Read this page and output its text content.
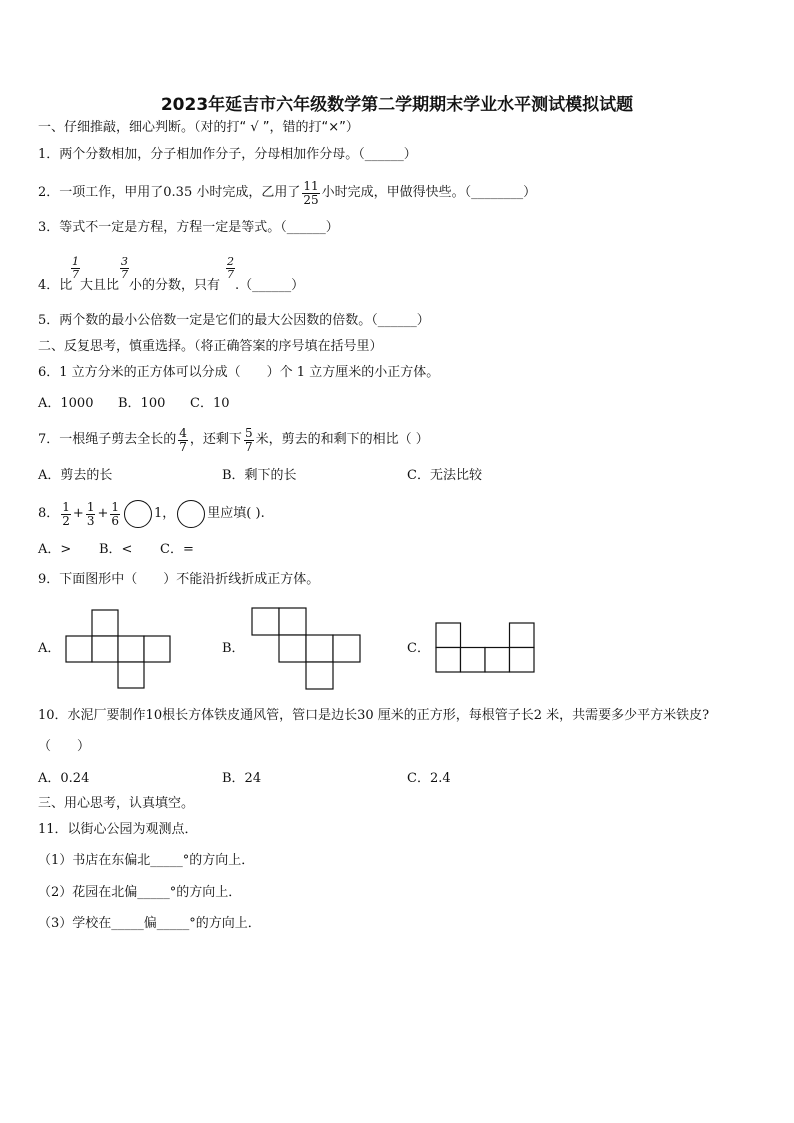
2023年延吉市六年级数学第二学期期末学业水平测试模拟试题
一、仔细推敲，细心判断。（对的打“ √ ”，错的打“×”）
1．两个分数相加，分子相加作分子，分母相加作分母。（______）
2．一项工作，甲用了0.35 小时完成，乙用了 $\frac{11}{25}$ 小时完成，甲做得快些。（________）
3．等式不一定是方程，方程一定是等式。（______）
$\frac{1}{7}$	$\frac{3}{7}$	$\frac{2}{7}$
4．比 大且比 小的分数，只有 .（______）
5．两个数的最小公倍数一定是它们的最大公因数的倍数。（______）
二、反复思考，慎重选择。（将正确答案的序号填在括号里）
6．1 立方分米的正方体可以分成（　　）个 1 立方厘米的小正方体。
A．1000 B．100 C．10
7．一根绳子剪去全长的 $\frac{4}{7}$ ，还剩下 $\frac{5}{7}$ 米，剪去的和剩下的相比（ ）
A．剪去的长	B．剩下的长	C．无法比较
8． $\frac{1}{2} + \frac{1}{3} + \frac{1}{6}$	1， 里应填( ).
A．> B．< C．=
9．下面图形中（　　）不能沿折线折成正方体。
A．	B．	C．
10．水泥厂要制作10根长方体铁皮通风管，管口是边长30 厘米的正方形，每根管子长2 米，共需要多少平方米铁皮?
（　　）
A．0.24	B．24	C．2.4
三、用心思考，认真填空。
11．以街心公园为观测点．
（1）书店在东偏北_____°的方向上．
（2）花园在北偏_____°的方向上．
（3）学校在_____偏_____°的方向上．
